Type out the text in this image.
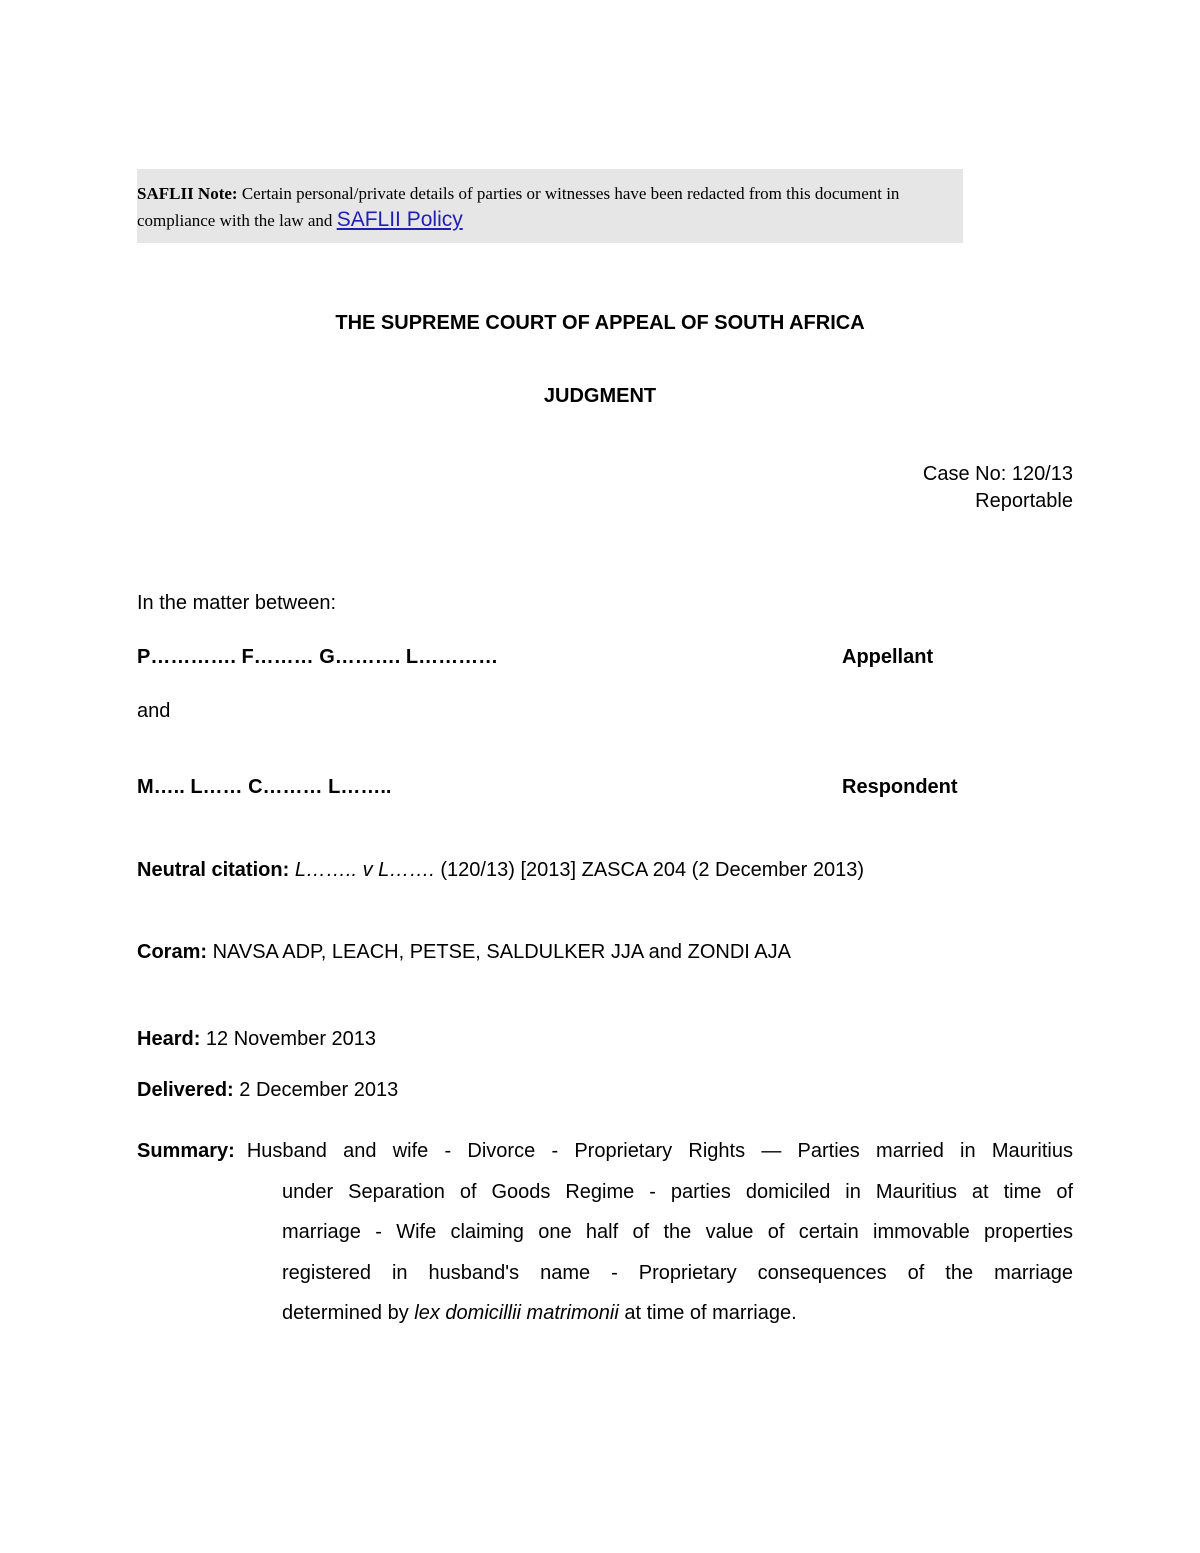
SAFLII Note: Certain personal/private details of parties or witnesses have been redacted from this document in compliance with the law and SAFLII Policy
THE SUPREME COURT OF APPEAL OF SOUTH AFRICA
JUDGMENT
Case No: 120/13
Reportable
In the matter between:
P…………. F……… G………. L…………	Appellant
and
M….. L…… C……… L……..	Respondent
Neutral citation: L…….. v L……. (120/13) [2013] ZASCA 204 (2 December 2013)
Coram: NAVSA ADP, LEACH, PETSE, SALDULKER JJA and ZONDI AJA
Heard: 12 November 2013
Delivered: 2 December 2013
Summary: Husband and wife - Divorce - Proprietary Rights — Parties married in Mauritius
under Separation of Goods Regime - parties domiciled in Mauritius at time of
marriage - Wife claiming one half of the value of certain immovable properties
registered in husband's name - Proprietary consequences of the marriage
determined by lex domicillii matrimonii at time of marriage.
